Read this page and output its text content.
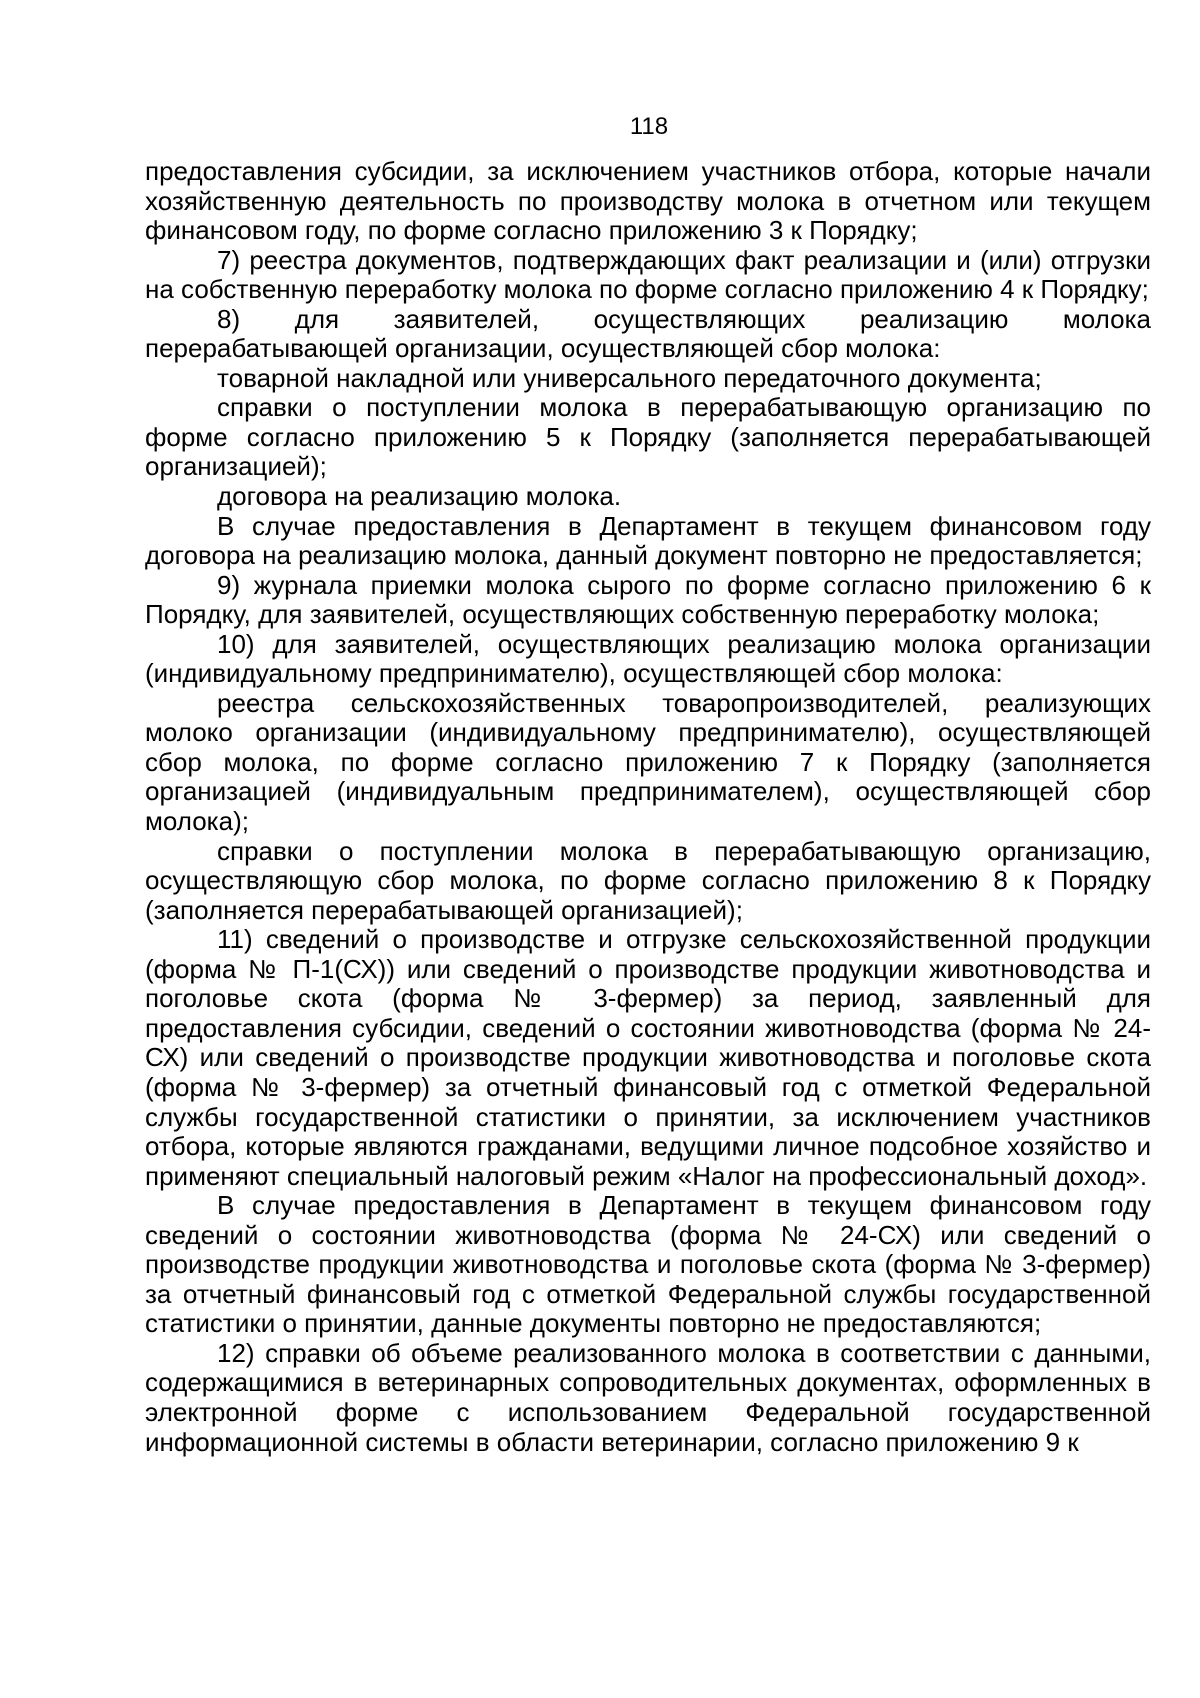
118

предоставления субсидии, за исключением участников отбора, которые начали хозяйственную деятельность по производству молока в отчетном или текущем финансовом году, по форме согласно приложению 3 к Порядку;

7) реестра документов, подтверждающих факт реализации и (или) отгрузки на собственную переработку молока по форме согласно приложению 4 к Порядку;

8) для заявителей, осуществляющих реализацию молока перерабатывающей организации, осуществляющей сбор молока:

товарной накладной или универсального передаточного документа;

справки о поступлении молока в перерабатывающую организацию по форме согласно приложению 5 к Порядку (заполняется перерабатывающей организацией);

договора на реализацию молока.

В случае предоставления в Департамент в текущем финансовом году договора на реализацию молока, данный документ повторно не предоставляется;

9) журнала приемки молока сырого по форме согласно приложению 6 к Порядку, для заявителей, осуществляющих собственную переработку молока;

10) для заявителей, осуществляющих реализацию молока организации (индивидуальному предпринимателю), осуществляющей сбор молока:

реестра сельскохозяйственных товаропроизводителей, реализующих молоко организации (индивидуальному предпринимателю), осуществляющей сбор молока, по форме согласно приложению 7 к Порядку (заполняется организацией (индивидуальным предпринимателем), осуществляющей сбор молока);

справки о поступлении молока в перерабатывающую организацию, осуществляющую сбор молока, по форме согласно приложению 8 к Порядку (заполняется перерабатывающей организацией);

11) сведений о производстве и отгрузке сельскохозяйственной продукции (форма № П-1(СХ)) или сведений о производстве продукции животноводства и поголовье скота (форма № 3-фермер) за период, заявленный для предоставления субсидии, сведений о состоянии животноводства (форма № 24-СХ) или сведений о производстве продукции животноводства и поголовье скота (форма № 3-фермер) за отчетный финансовый год с отметкой Федеральной службы государственной статистики о принятии, за исключением участников отбора, которые являются гражданами, ведущими личное подсобное хозяйство и применяют специальный налоговый режим «Налог на профессиональный доход».

В случае предоставления в Департамент в текущем финансовом году сведений о состоянии животноводства (форма № 24-СХ) или сведений о производстве продукции животноводства и поголовье скота (форма № 3-фермер) за отчетный финансовый год с отметкой Федеральной службы государственной статистики о принятии, данные документы повторно не предоставляются;

12) справки об объеме реализованного молока в соответствии с данными, содержащимися в ветеринарных сопроводительных документах, оформленных в электронной форме с использованием Федеральной государственной информационной системы в области ветеринарии, согласно приложению 9 к
